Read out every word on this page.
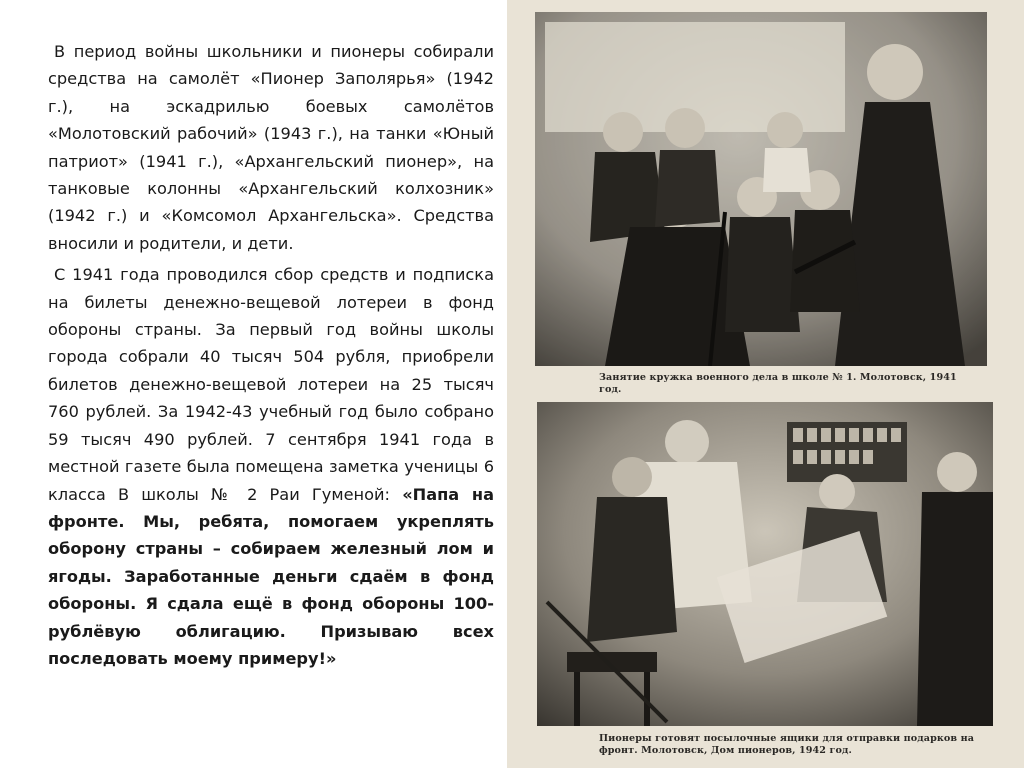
В период войны школьники и пионеры собирали средства на самолёт «Пионер Заполярья» (1942 г.), на эскадрилью боевых самолётов «Молотовский рабочий» (1943 г.), на танки «Юный патриот» (1941 г.), «Архангельский пионер», на танковые колонны «Архангельский колхозник» (1942 г.) и «Комсомол Архангельска». Средства вносили и родители, и дети.

С 1941 года проводился сбор средств и подписка на билеты денежно-вещевой лотереи в фонд обороны страны. За первый год войны школы города собрали 40 тысяч 504 рубля, приобрели билетов денежно-вещевой лотереи на 25 тысяч 760 рублей. За 1942-43 учебный год было собрано 59 тысяч 490 рублей. 7 сентября 1941 года в местной газете была помещена заметка ученицы 6 класса В школы № 2 Раи Гуменой: «Папа на фронте. Мы, ребята, помогаем укреплять оборону страны – собираем железный лом и ягоды. Заработанные деньги сдаём в фонд обороны. Я сдала ещё в фонд обороны 100-рублёвую облигацию. Призываю всех последовать моему примеру!»

Занятие кружка военного дела в школе № 1. Молотовск, 1941 год.
Пионеры готовят посылочные ящики для отправки подарков на фронт. Молотовск, Дом пионеров, 1942 год.
